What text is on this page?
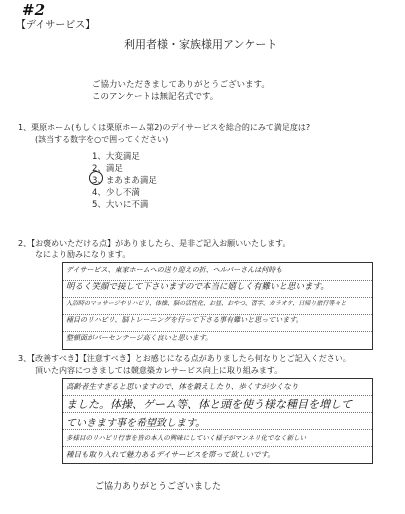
#2
【デイサービス】
利用者様・家族様用アンケート
ご協力いただきましてありがとうございます。
このアンケートは無記名式です。
1、栗原ホーム(もしくは栗原ホーム第2)のデイサービスを総合的にみて満足度は?
(該当する数字を○で囲ってください)
1、大変満足
2、満足
3、まあまあ満足
4、少し不満
5、大いに不満
2、【お褒めいただける点】がありましたら、是非ご記入お願いいたします。
なにより励みになります。
デイサービス、東家ホームへの送り迎えの折、ヘルパーさんは何時も
明るく笑顔で接して下さいますので本当に嬉しく有難いと思います。
入浴時のマッサージやリハビリ、体操、脳の活性化、お昼、おやつ、習字、カラオケ、日帰り旅行等々と
種目のリハビリ、脳トレーニングを行って下さる事有難いと思っています。
整頓面がバーセンテージ高く良いと思います。
3、【改善すべき】【注意すべき】とお感じになる点がありましたら何なりとご記入ください。
頂いた内容につきましては競意築カレサービス向上に取り組みます。
高齢者生すぎると思いますので、体を鍛えしたり、歩くすが少くなり
ました。体操、ゲーム等、体と頭を使う様な種目を増して
ていきます事を希望致します。
多様目のリハビリ行事を皆の本人の興味にしていく様子がマンネリ化でなく新しい
種目も取り入れて魅力あるデイサービスを帯って欲しいです。
ご協力ありがとうございました
